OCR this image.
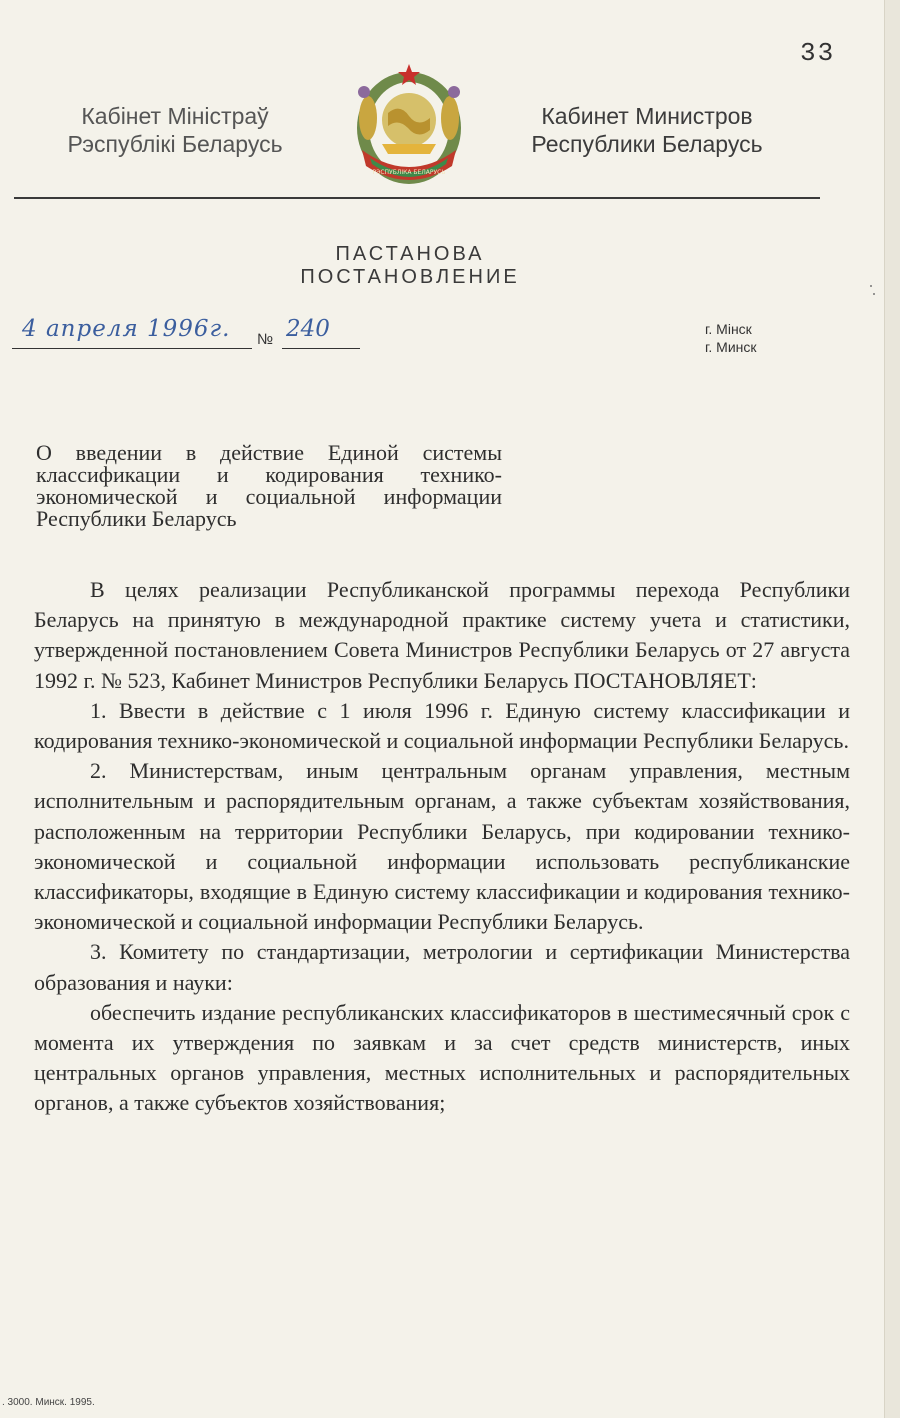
33
Кабінет Міністраў
Рэспублікі Беларусь
РЭСПУБЛІКА БЕЛАРУСЬ
Кабинет Министров
Республики Беларусь
ПАСТАНОВА
ПОСТАНОВЛЕНИЕ
4 апреля 1996г. № 240	г. Мiнск
г. Минск
О введении в действие Единой системы
классификации и кодирования технико-
экономической и социальной информации
Республики Беларусь

В целях реализации Республиканской программы перехода Республики Беларусь на принятую в международной практике систему учета и статистики, утвержденной постановлением Совета Министров Республики Беларусь от 27 августа 1992 г. № 523, Кабинет Министров Республики Беларусь ПОСТАНОВЛЯЕТ:

1. Ввести в действие с 1 июля 1996 г. Единую систему классификации и кодирования технико-экономической и социальной информации Республики Беларусь.

2. Министерствам, иным центральным органам управления, местным исполнительным и распорядительным органам, а также субъектам хозяйствования, расположенным на территории Республики Беларусь, при кодировании технико-экономической и социальной информации использовать республиканские классификаторы, входящие в Единую систему классификации и кодирования технико-экономической и социальной информации Республики Беларусь.

3. Комитету по стандартизации, метрологии и сертификации Министерства образования и науки:

обеспечить издание республиканских классификаторов в шестимесячный срок с момента их утверждения по заявкам и за счет средств министерств, иных центральных органов управления, местных исполнительных и распорядительных органов, а также субъектов хозяйствования;

. 3000. Минск. 1995.
